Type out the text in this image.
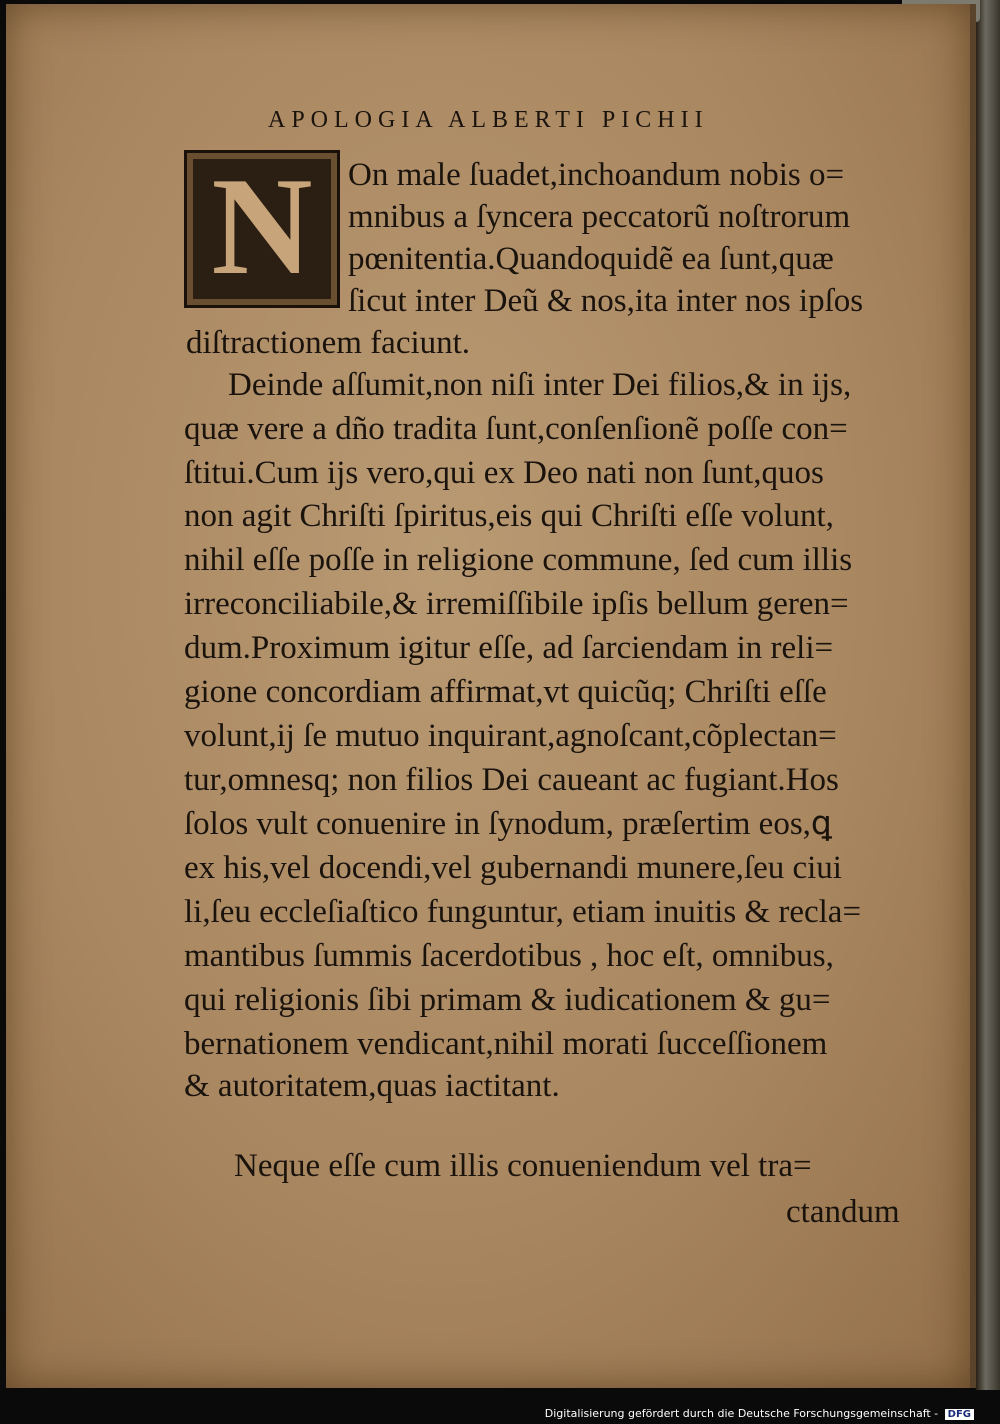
APOLOGIA ALBERTI PICHII
N	On male ſuadet,inchoandum nobis o=
mnibus a ſyncera peccatorũ noſtrorum
pœnitentia.Quandoquidẽ ea ſunt,quæ
ſicut inter Deũ & nos,ita inter nos ipſos
diſtractionem faciunt.
Deinde aſſumit,non niſi inter Dei filios,& in ijs,
quæ vere a dño tradita ſunt,conſenſionẽ poſſe con=
ſtitui.Cum ijs vero,qui ex Deo nati non ſunt,quos
non agit Chriſti ſpiritus,eis qui Chriſti eſſe volunt,
nihil eſſe poſſe in religione commune, ſed cum illis
irreconciliabile,& irremiſſibile ipſis bellum geren=
dum.Proximum igitur eſſe, ad ſarciendam in reli=
gione concordiam affirmat,vt quicũq; Chriſti eſſe
volunt,ij ſe mutuo inquirant,agnoſcant,cõplectan=
tur,omnesq; non filios Dei caueant ac fugiant.Hos
ſolos vult conuenire in ſynodum, præſertim eos,ꝗ
ex his,vel docendi,vel gubernandi munere,ſeu ciui
li,ſeu eccleſiaſtico funguntur, etiam inuitis & recla=
mantibus ſummis ſacerdotibus , hoc eſt, omnibus,
qui religionis ſibi primam & iudicationem & gu=
bernationem vendicant,nihil morati ſucceſſionem
& autoritatem,quas iactitant.
Neque eſſe cum illis conueniendum vel tra=
ctandum
Digitalisierung gefördert durch die Deutsche Forschungsgemeinschaft - DFG
